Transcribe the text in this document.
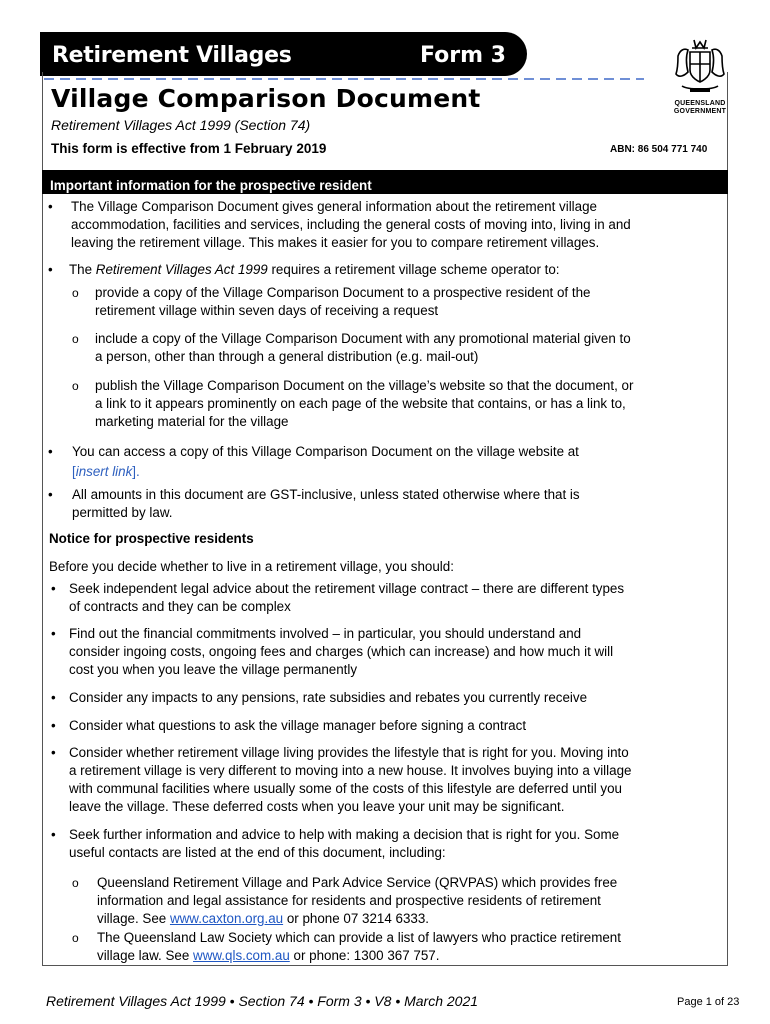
Retirement Villages	Form 3
QUEENSLAND GOVERNMENT
Village Comparison Document
Retirement Villages Act 1999 (Section 74)
This form is effective from 1 February 2019	ABN: 86 504 771 740
Important information for the prospective resident
• The Village Comparison Document gives general information about the retirement village
accommodation, facilities and services, including the general costs of moving into, living in and
leaving the retirement village. This makes it easier for you to compare retirement villages.
• The Retirement Villages Act 1999 requires a retirement village scheme operator to:
o provide a copy of the Village Comparison Document to a prospective resident of the
retirement village within seven days of receiving a request
o include a copy of the Village Comparison Document with any promotional material given to
a person, other than through a general distribution (e.g. mail-out)
o publish the Village Comparison Document on the village’s website so that the document, or
a link to it appears prominently on each page of the website that contains, or has a link to,
marketing material for the village
• You can access a copy of this Village Comparison Document on the village website at
[insert link].
• All amounts in this document are GST-inclusive, unless stated otherwise where that is
permitted by law.
Notice for prospective residents
Before you decide whether to live in a retirement village, you should:
• Seek independent legal advice about the retirement village contract – there are different types
of contracts and they can be complex
• Find out the financial commitments involved – in particular, you should understand and
consider ingoing costs, ongoing fees and charges (which can increase) and how much it will
cost you when you leave the village permanently
• Consider any impacts to any pensions, rate subsidies and rebates you currently receive
• Consider what questions to ask the village manager before signing a contract
• Consider whether retirement village living provides the lifestyle that is right for you. Moving into
a retirement village is very different to moving into a new house. It involves buying into a village
with communal facilities where usually some of the costs of this lifestyle are deferred until you
leave the village. These deferred costs when you leave your unit may be significant.
• Seek further information and advice to help with making a decision that is right for you. Some
useful contacts are listed at the end of this document, including:
o Queensland Retirement Village and Park Advice Service (QRVPAS) which provides free
information and legal assistance for residents and prospective residents of retirement
village. See www.caxton.org.au or phone 07 3214 6333.
o The Queensland Law Society which can provide a list of lawyers who practice retirement
village law. See www.qls.com.au or phone: 1300 367 757.
Retirement Villages Act 1999 • Section 74 • Form 3 • V8 • March 2021	Page 1 of 23
